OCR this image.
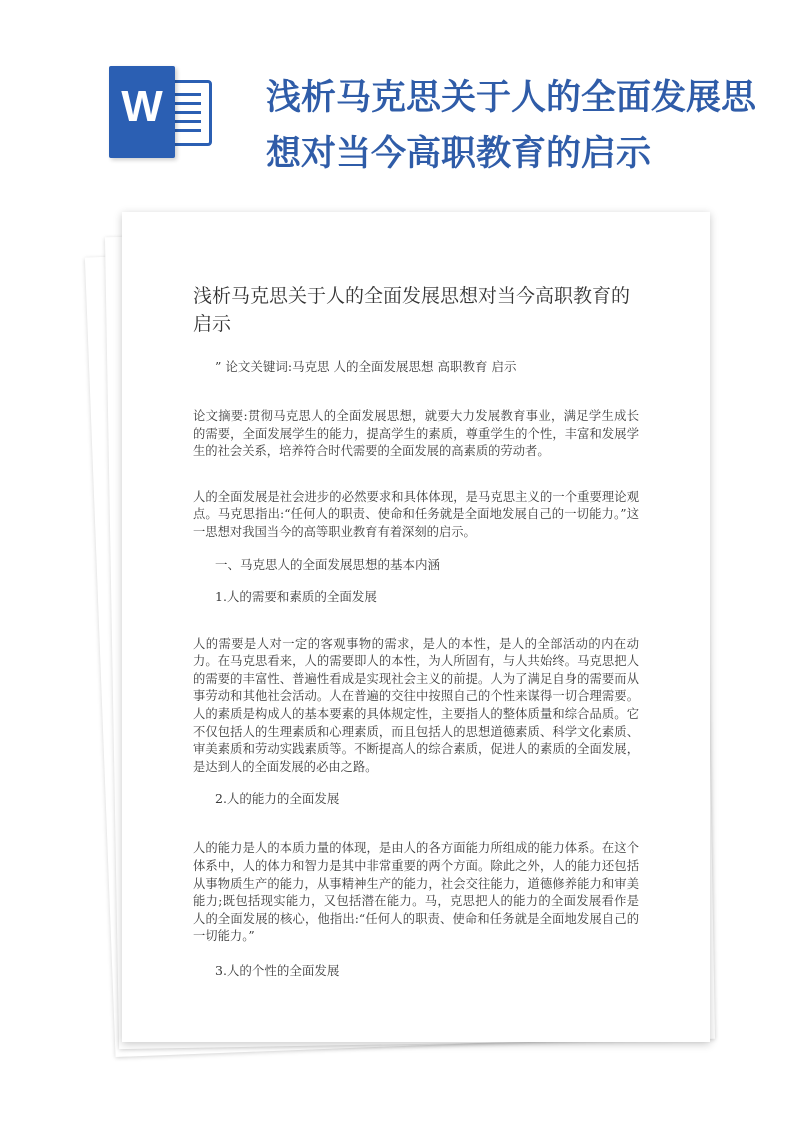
W	浅析马克思关于人的全面发展思想对当今高职教育的启示
浅析马克思关于人的全面发展思想对当今高职教育的启示
” 论文关键词:马克思 人的全面发展思想 高职教育 启示

论文摘要:贯彻马克思人的全面发展思想，就要大力发展教育事业，满足学生成长的需要，全面发展学生的能力，提高学生的素质，尊重学生的个性，丰富和发展学生的社会关系，培养符合时代需要的全面发展的高素质的劳动者。

人的全面发展是社会进步的必然要求和具体体现，是马克思主义的一个重要理论观点。马克思指出:“任何人的职责、使命和任务就是全面地发展自己的一切能力。”这一思想对我国当今的高等职业教育有着深刻的启示。

一、马克思人的全面发展思想的基本内涵
1.人的需要和素质的全面发展

人的需要是人对一定的客观事物的需求，是人的本性，是人的全部活动的内在动力。在马克思看来，人的需要即人的本性，为人所固有，与人共始终。马克思把人的需要的丰富性、普遍性看成是实现社会主义的前提。人为了满足自身的需要而从事劳动和其他社会活动。人在普遍的交往中按照自己的个性来谋得一切合理需要。人的素质是构成人的基本要素的具体规定性，主要指人的整体质量和综合品质。它不仅包括人的生理素质和心理素质，而且包括人的思想道德素质、科学文化素质、审美素质和劳动实践素质等。不断提高人的综合素质，促进人的素质的全面发展，是达到人的全面发展的必由之路。

2.人的能力的全面发展

人的能力是人的本质力量的体现，是由人的各方面能力所组成的能力体系。在这个体系中，人的体力和智力是其中非常重要的两个方面。除此之外，人的能力还包括从事物质生产的能力，从事精神生产的能力，社会交往能力，道德修养能力和审美能力;既包括现实能力，又包括潜在能力。马，克思把人的能力的全面发展看作是人的全面发展的核心，他指出:“任何人的职责、使命和任务就是全面地发展自己的一切能力。”

3.人的个性的全面发展
